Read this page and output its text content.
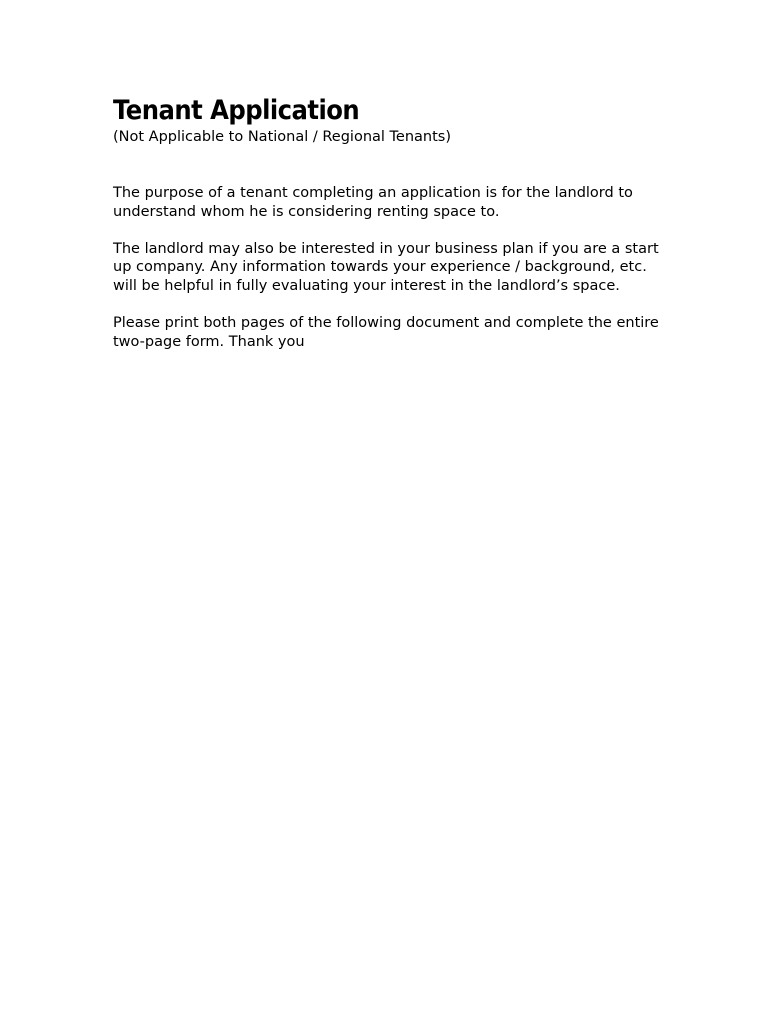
Tenant Application

(Not Applicable to National / Regional Tenants)

The purpose of a tenant completing an application is for the landlord to understand whom he is considering renting space to.

The landlord may also be interested in your business plan if you are a start up company. Any information towards your experience / background, etc. will be helpful in fully evaluating your interest in the landlord’s space.

Please print both pages of the following document and complete the entire two-page form. Thank you
